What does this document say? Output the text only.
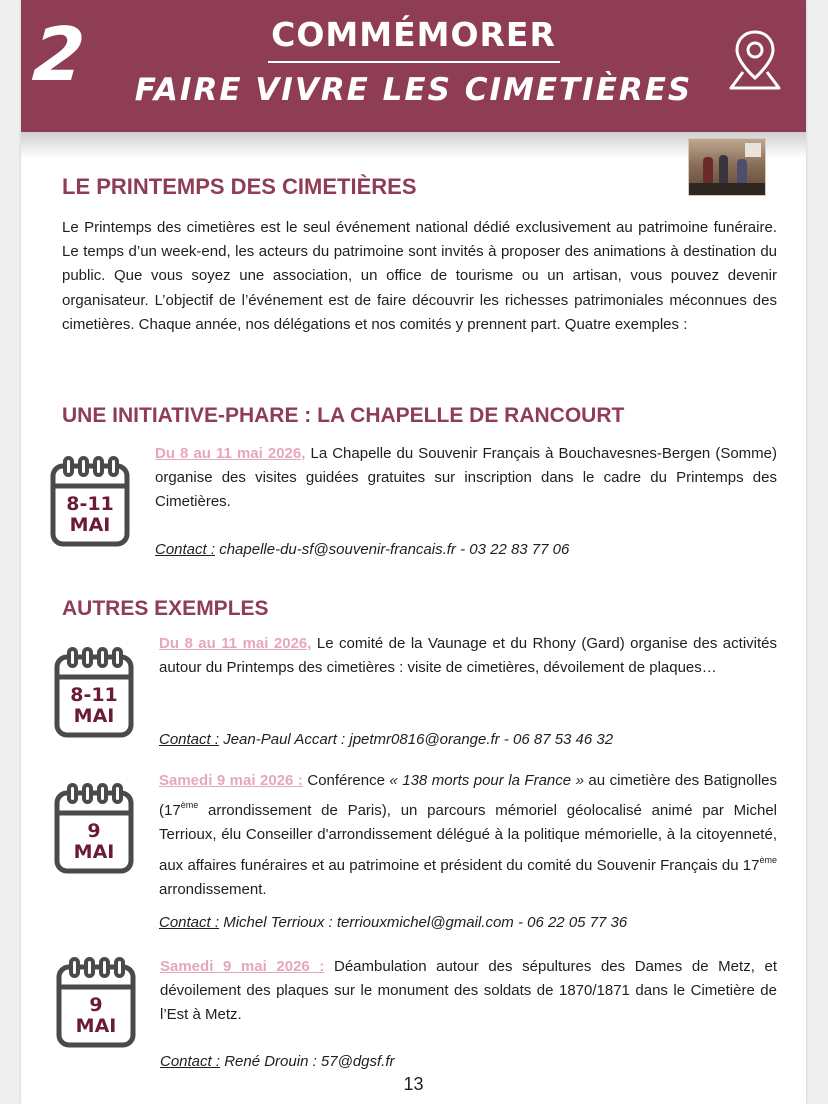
2	COMMÉMORER
FAIRE VIVRE LES CIMETIÈRES
LE PRINTEMPS DES CIMETIÈRES

Le Printemps des cimetières est le seul événement national dédié exclusivement au patrimoine funéraire. Le temps d’un week-end, les acteurs du patrimoine sont invités à proposer des animations à destination du public. Que vous soyez une association, un office de tourisme ou un artisan, vous pouvez devenir organisateur. L’objectif de l’événement est de faire découvrir les richesses patrimoniales méconnues des cimetières. Chaque année, nos délégations et nos comités y prennent part. Quatre exemples :

UNE INITIATIVE-PHARE : LA CHAPELLE DE RANCOURT
8-11
MAI

Du 8 au 11 mai 2026, La Chapelle du Souvenir Français à Bouchavesnes-Bergen (Somme) organise des visites guidées gratuites sur inscription dans le cadre du Printemps des Cimetières.

Contact : chapelle-du-sf@souvenir-francais.fr - 03 22 83 77 06

AUTRES EXEMPLES
8-11
MAI

Du 8 au 11 mai 2026, Le comité de la Vaunage et du Rhony (Gard) organise des activités autour du Printemps des cimetières : visite de cimetières, dévoilement de plaques…

Contact : Jean-Paul Accart : jpetmr0816@orange.fr - 06 87 53 46 32

9
MAI

Samedi 9 mai 2026 : Conférence « 138 morts pour la France » au cimetière des Batignolles (17ème arrondissement de Paris), un parcours mémoriel géolocalisé animé par Michel Terrioux, élu Conseiller d'arrondissement délégué à la politique mémorielle, à la citoyenneté, aux affaires funéraires et au patrimoine et président du comité du Souvenir Français du 17ème arrondissement.

Contact : Michel Terrioux : terriouxmichel@gmail.com - 06 22 05 77 36

9
MAI

Samedi 9 mai 2026 : Déambulation autour des sépultures des Dames de Metz, et dévoilement des plaques sur le monument des soldats de 1870/1871 dans le Cimetière de l’Est à Metz.

Contact : René Drouin : 57@dgsf.fr

13
